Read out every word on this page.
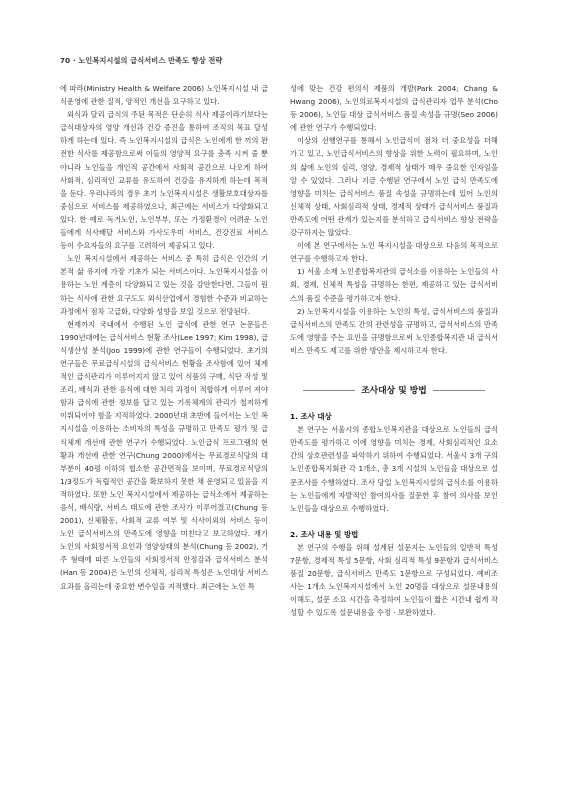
70 · 노인복지시설의 급식서비스 만족도 향상 전략

에 따라(Ministry Health & Welfare 2006) 노인복지시설 내 급식운영에 관한 질적, 양적인 개선을 요구하고 있다.

외식과 달리 급식의 주된 목적은 단순히 식사 제공이라기보다는 급식대상자의 영양 개선과 건강 증진을 통하여 조직의 목표 달성하게 하는데 있다. 즉 노인복지시설의 급식은 노인에게 한 끼의 완전한 식사를 제공함으로써 이들의 영양적 요구를 충족 시켜 줄 뿐 아니라 노인들을 개인적 공간에서 사회적 공간으로 나오게 하여 사회적, 심리적인 교류를 유도하여 건강을 유지하게 하는데 목적을 둔다. 우리나라의 경우 초기 노인복지시설은 생활보호대상자를 중심으로 서비스를 제공하였으나, 최근에는 서비스가 다양화되고 있다. 한 예로 독거노인, 노인부부, 또는 가정환경이 어려운 노인들에게 식사배달 서비스와 가사도우미 서비스, 건강진료 서비스 등이 수요자들의 요구를 고려하여 제공되고 있다.

노인 복지시설에서 제공하는 서비스 중 특히 급식은 인간의 기본적 삶 유지에 가장 기초가 되는 서비스이다. 노인복지시설을 이용하는 노인 계층이 다양화되고 있는 것을 감안한다면, 그들이 원하는 식사에 관한 요구도도 외식산업에서 경험한 수준과 비교하는 과정에서 점차 고급화, 다양화 성향을 보일 것으로 전망된다.

현재까지 국내에서 수행된 노인 급식에 관한 연구 논문들은 1990년대에는 급식서비스 현황 조사(Lee 1997; Kim 1998), 급식생산성 분석(Joo 1999)에 관한 연구들이 수행되었다. 초기의 연구들은 무료급식시설의 급식서비스 현황을 조사함에 있어 체계적인 급식관리가 이루어지지 않고 있어 식품의 구매, 식단 작성 및 조리, 배식과 관한 음식에 대한 처리 과정이 적합하게 이루어 져야 함과 급식에 관한 정보를 답고 있는 기록체계의 관리가 철저하게 이뤄되어야 함을 지적하였다. 2000년대 초반에 들어서는 노인 복지시설을 이용하는 소비자의 특성을 규명하고 만족도 평가 및 급식체계 개선에 관한 연구가 수행되었다. 노인급식 프로그램의 현황과 개선에 관한 연구(Chung 2000)에서는 무료경로식당의 대부분이 40평 이하의 협소한 공간면적을 보이며, 무료경로식당의 1/3정도가 독립적인 공간을 확보하지 못한 채 운영되고 있음을 지적하였다. 또한 노인 복지시설에서 제공하는 급식소에서 제공하는 음식, 배식량, 서비스 태도에 관한 조사가 이루어졌고(Chung 등 2001), 신체활동, 사회적 교류 여부 및 식사이외의 서비스 등이 노인 급식서비스의 만족도에 영향을 미친다고 보고하였다. 재가 노인의 사회정서적 요인과 영양상태의 분석(Chung 등 2002), 거주 형태에 따른 노인들의 사회정서적 안정감과 급식서비스 분석(Han 등 2004)은 노인의 신체적, 심리적 특성은 노인대상 서비스 요과를 올리는데 중요한 변수임을 지적했다. 최근에는 노인 특

성에 맞는 건강 편의식 제품의 개발(Park 2004; Chang & Hwang 2006), 노인의료복지시설의 급식관리자 업무 분석(Cho 등 2006), 노인들 대상 급식서비스 품질 속성을 규명(Seo 2006)에 관한 연구가 수행되었다.

이상의 선행연구를 통해서 노인급식이 점차 더 중요성을 더해 가고 있고, 노인급식서비스의 향상을 위한 노력이 필요하며, 노인의 삶에 노인의 심리, 영양, 경제적 상태가 매우 중요한 인자임을 알 수 있었다. 그러나 지금 수행된 연구에서 노인 급식 만족도에 영향을 미치는 급식서비스 품질 속성을 규명하는데 있어 노인의 신체적 상태, 사회심리적 상태, 경제적 상태가 급식서비스 품질과 만족도에 어떤 관계가 있는지를 분석하고 급식서비스 향상 전략을 강구하지는 않았다.

이에 본 연구에서는 노인 복지시설을 대상으로 다음의 목적으로 연구를 수행하고자 한다.

1) 서울 소재 노인종합복지관의 급식소를 이용하는 노인들의 사회, 경제, 신체적 특성을 규명하는 한편, 제공하고 있는 급식서비스의 품질 수준을 평가하고자 한다.

2) 노인복지시설을 이용하는 노인의 특성, 급식서비스의 품질과 급식서비스의 만족도 간의 관련성을 규명하고, 급식서비스의 만족도에 영향을 주는 요인을 규명함으로써 노인종합복지관 내 급식서비스 만족도 제고를 위한 방안을 제시하고자 한다.

조사대상 및 방법

1. 조사 대상

본 연구는 서울시의 종합노인복지관을 대상으로 노인들의 급식 만족도를 평가하고 이에 영향을 미치는 경제, 사회심리적인 요소간의 상호관련성을 파악하기 위하여 수행되었다. 서울시 3개 구의 노인종합복지회관 각 1개소, 총 3개 시설의 노인들을 대상으로 설문조사를 수행하였다. 조사 당일 노인복지시설의 급식소를 이용하는 노인들에게 자발적인 참여의사를 질문한 후 참여 의사를 보인 노인들을 대상으로 수행하였다.

2. 조사 내용 및 방법

본 연구의 수행을 위해 설계된 설문지는 노인들의 일반적 특성 7문항, 경제적 특성 5문항, 사회 심리적 특성 9문항과 급식서비스 품질 20문항, 급식서비스 만족도 1문항으로 구성되었다. 예비조사는 1개소 노인복지시설에서 노인 20명을 대상으로 설문내용의 이해도, 설문 소요 시간을 측정하여 노인들이 짧은 시간내 쉽게 작성할 수 있도록 설문내용을 수정 · 보완하였다.
